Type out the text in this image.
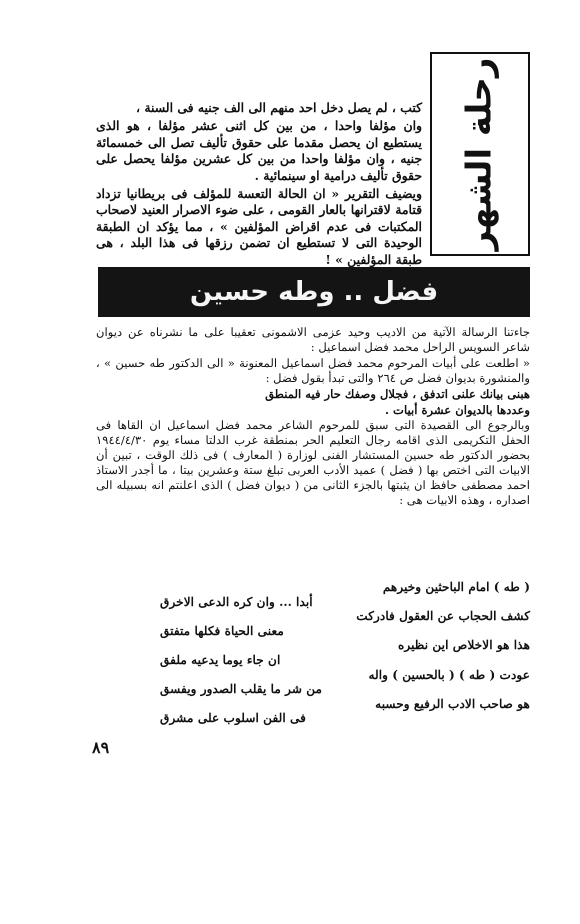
رحلة الشهر

كتب ، لم يصل دخل احد منهم الى الف جنيه فى السنة ،

وان مؤلفا واحدا ، من بين كل اثنى عشر مؤلفا ، هو الذى يستطيع ان يحصل مقدما على حقوق تأليف تصل الى خمسمائة جنيه ، وان مؤلفا واحدا من بين كل عشرين مؤلفا يحصل على حقوق تأليف درامية او سينمائية .

ويضيف التقرير « ان الحالة التعسة للمؤلف فى بريطانيا تزداد قتامة لاقترانها بالعار القومى ، على ضوء الاصرار العنيد لاصحاب المكتبات فى عدم اقراض المؤلفين » ، مما يؤكد ان الطبقة الوحيدة التى لا تستطيع ان تضمن رزقها فى هذا البلد ، هى طبقة المؤلفين » !

فضل .. وطه حسين

جاءتنا الرسالة الآتية من الاديب وحيد عزمى الاشمونى تعقيبا على ما نشرناه عن ديوان شاعر السويس الراحل محمد فضل اسماعيل :

« اطلعت على أبيات المرحوم محمد فضل اسماعيل المعنونة « الى الدكتور طه حسين » ، والمنشورة بديوان فضل ص ٢٦٤ والتى تبدأ بقول فضل :

هبنى بيانك علنى اتدفق ، فجلال وصفك حار فيه المنطق

وعددها بالديوان عشرة أبيات .

وبالرجوع الى القصيدة التى سبق للمرحوم الشاعر محمد فضل اسماعيل ان القاها فى الحفل التكريمى الذى اقامه رجال التعليم الحر بمنطقة غرب الدلتا مساء يوم ١٩٤٤/٤/٣٠ بحضور الدكتور طه حسين المستشار الفنى لوزارة ( المعارف ) فى ذلك الوقت ، تبين أن الابيات التى اختص بها ( فضل ) عميد الأدب العربى تبلغ ستة وعشرين بيتا ، ما أجدر الاستاذ احمد مصطفى حافظ ان يثبتها بالجزء الثانى من ( ديوان فضل ) الذى اعلنتم انه بسبيله الى اصداره ، وهذه الابيات هى :

( طه ) امام الباحثين وخيرهم

أبدا ... وان كره الدعى الاخرق

كشف الحجاب عن العقول فادركت

معنى الحياة فكلها متفتق

هذا هو الاخلاص اين نظيره

ان جاء يوما يدعيه ملفق

عودت ( طه ) ( بالحسين ) واله

من شر ما يقلب الصدور ويفسق

هو صاحب الادب الرفيع وحسبه

فى الفن اسلوب على مشرق

٨٩
